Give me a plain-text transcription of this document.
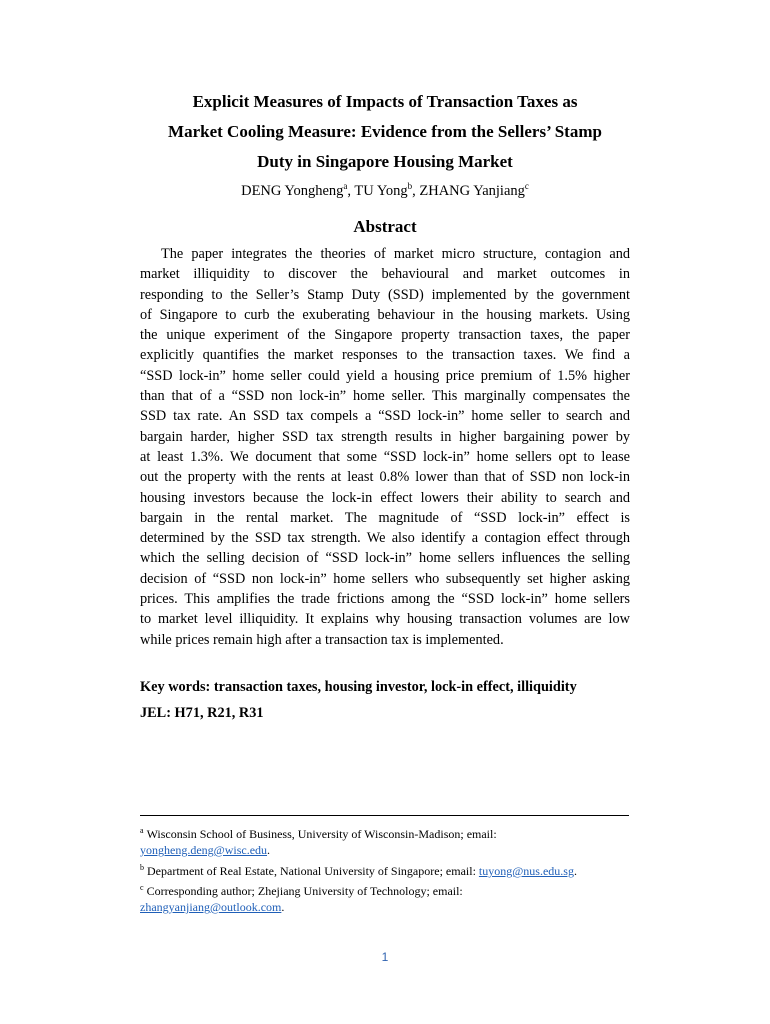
Explicit Measures of Impacts of Transaction Taxes as
Market Cooling Measure: Evidence from the Sellers’ Stamp
Duty in Singapore Housing Market
DENG Yongheng$^a$, TU Yong$^b$, ZHANG Yanjiang$^c$
Abstract
The paper integrates the theories of market micro structure, contagion and
market illiquidity to discover the behavioural and market outcomes in
responding to the Seller’s Stamp Duty (SSD) implemented by the government
of Singapore to curb the exuberating behaviour in the housing markets. Using
the unique experiment of the Singapore property transaction taxes, the paper
explicitly quantifies the market responses to the transaction taxes. We find a
“SSD lock-in” home seller could yield a housing price premium of 1.5% higher
than that of a “SSD non lock-in” home seller. This marginally compensates the
SSD tax rate. An SSD tax compels a “SSD lock-in” home seller to search and
bargain harder, higher SSD tax strength results in higher bargaining power by
at least 1.3%. We document that some “SSD lock-in” home sellers opt to lease
out the property with the rents at least 0.8% lower than that of SSD non lock-in
housing investors because the lock-in effect lowers their ability to search and
bargain in the rental market. The magnitude of “SSD lock-in” effect is
determined by the SSD tax strength. We also identify a contagion effect through
which the selling decision of “SSD lock-in” home sellers influences the selling
decision of “SSD non lock-in” home sellers who subsequently set higher asking
prices. This amplifies the trade frictions among the “SSD lock-in” home sellers
to market level illiquidity. It explains why housing transaction volumes are low
while prices remain high after a transaction tax is implemented.
Key words: transaction taxes, housing investor, lock-in effect, illiquidity
JEL: H71, R21, R31
$^a$ Wisconsin School of Business, University of Wisconsin-Madison; email:
yongheng.deng@wisc.edu.
$^b$ Department of Real Estate, National University of Singapore; email: tuyong@nus.edu.sg.
$^c$ Corresponding author; Zhejiang University of Technology; email:
zhangyanjiang@outlook.com.
1
